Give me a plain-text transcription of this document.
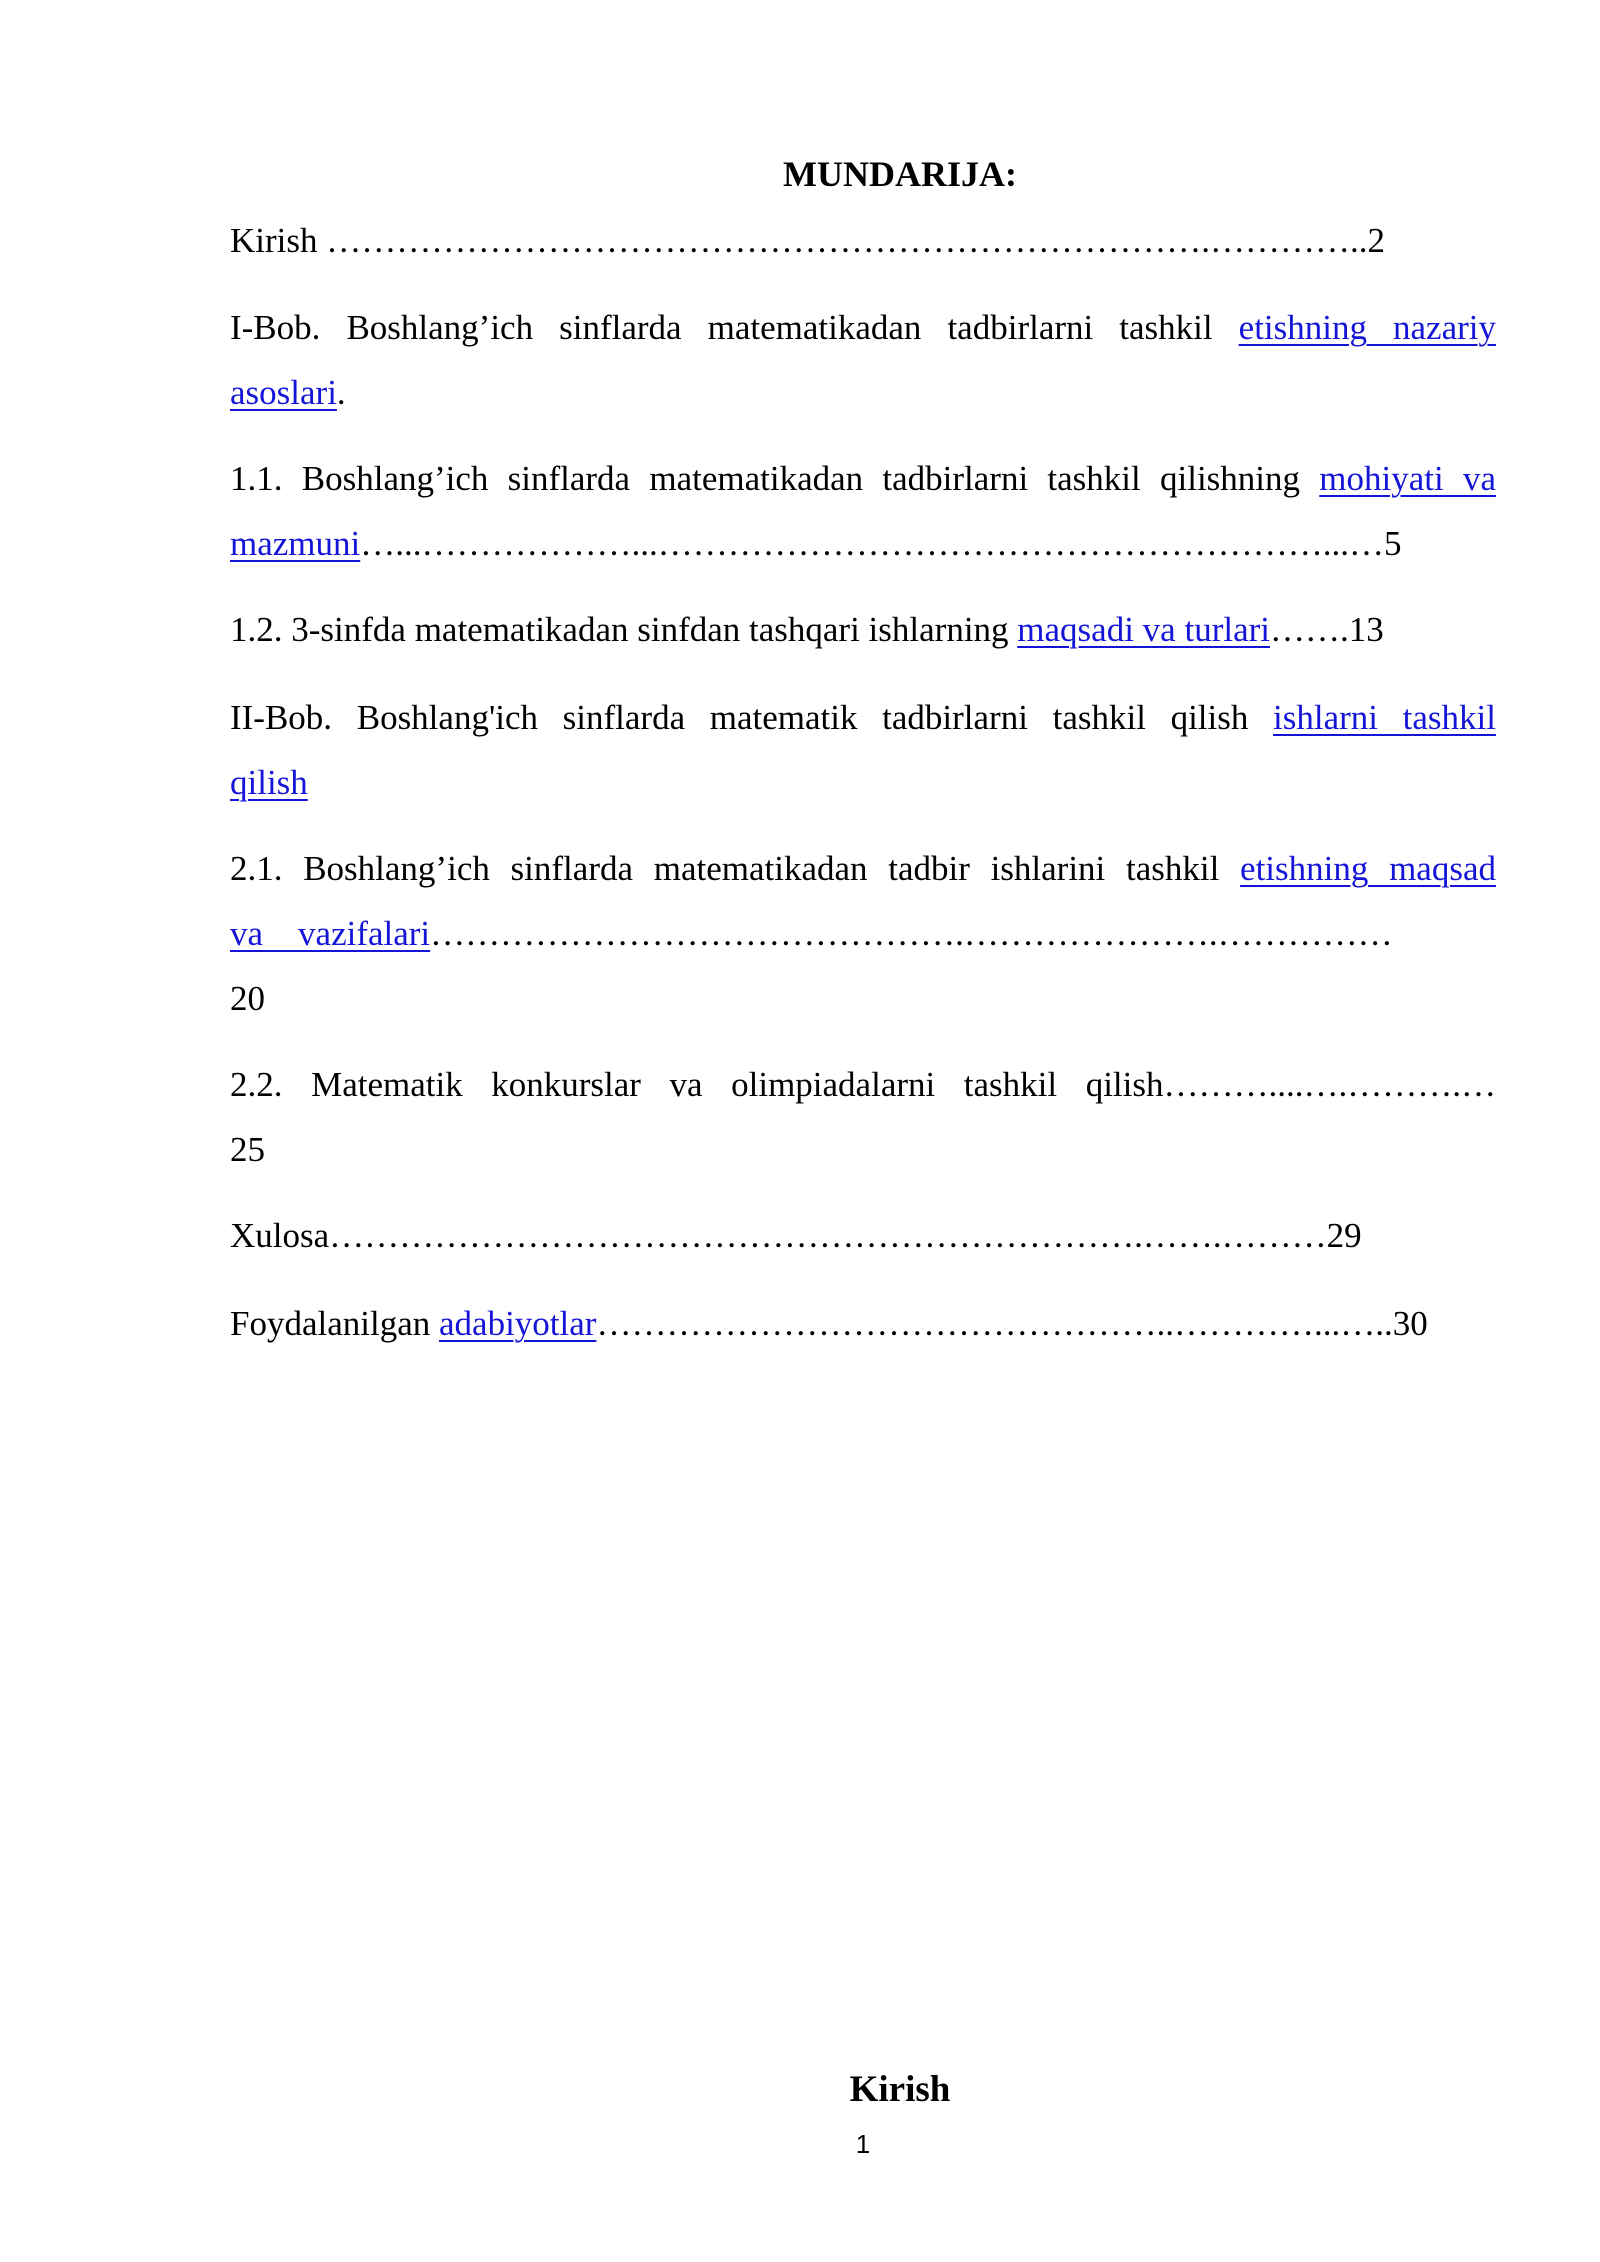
MUNDARIJA:
Kirish ………………………………………………………………….…………..2
I-Bob. Boshlang’ich sinflarda matematikadan tadbirlarni tashkil etishning nazariy
asoslari.
1.1. Boshlang’ich sinflarda matematikadan tadbirlarni tashkil qilishning mohiyati va
mazmuni…...………………...…………………………………………………...…5
1.2. 3-sinfda matematikadan sinfdan tashqari ishlarning maqsadi va turlari…….13
II-Bob. Boshlang'ich sinflarda matematik tadbirlarni tashkil qilish ishlarni tashkil
qilish
2.1. Boshlang’ich sinflarda matematikadan tadbir ishlarini tashkil etishning maqsad
va    vazifalari……………………………………….………………….……………
20
2.2. Matematik konkurslar va olimpiadalarni tashkil qilish………....….……….…
25
Xulosa…………………………………………………………….…….………29
Foydalanilgan adabiyotlar…………………………………………..…………...…..30
Kirish
1
